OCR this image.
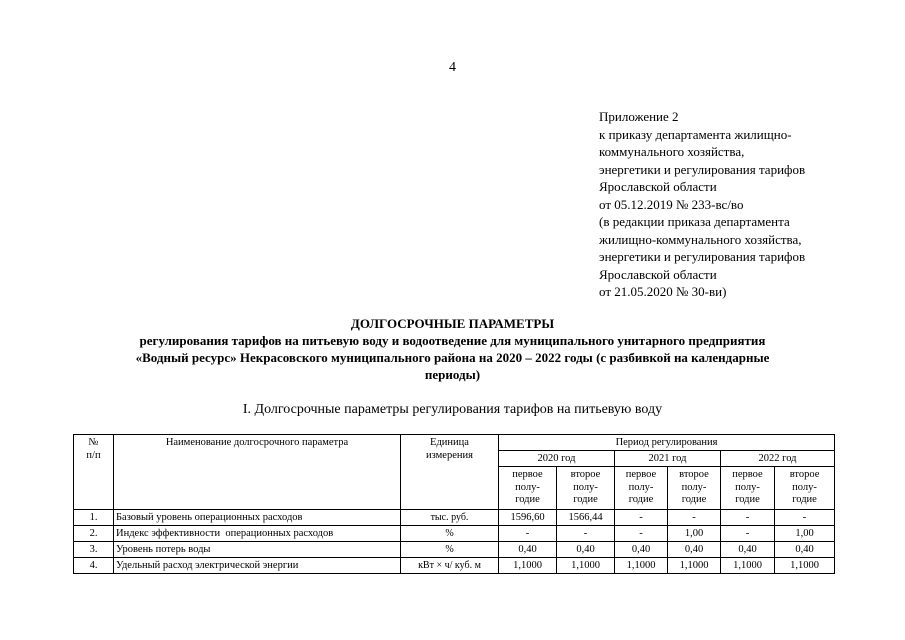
4
Приложение 2
к приказу департамента жилищно-
коммунального хозяйства,
энергетики и регулирования тарифов
Ярославской области
от 05.12.2019 № 233-вс/во
(в редакции приказа департамента
жилищно-коммунального хозяйства,
энергетики и регулирования тарифов
Ярославской области
от 21.05.2020 № 30-ви)
ДОЛГОСРОЧНЫЕ ПАРАМЕТРЫ
регулирования тарифов на питьевую воду и водоотведение для муниципального унитарного предприятия
«Водный ресурс» Некрасовского муниципального района на 2020 – 2022 годы (с разбивкой на календарные
периоды)
I. Долгосрочные параметры регулирования тарифов на питьевую воду
№
п/п	Наименование долгосрочного параметра	Единица
измерения	Период регулирования					
			2020 год		2021 год		2022 год	
			первое
полу-
годие	второе
полу-
годие	первое
полу-
годие	второе
полу-
годие	первое
полу-
годие	второе
полу-
годие
1.	Базовый уровень операционных расходов	тыс. руб.	1596,60	1566,44	-	-	-	-
2.	Индекс эффективности  операционных расходов	%	-	-	-	1,00	-	1,00
3.	Уровень потерь воды	%	0,40	0,40	0,40	0,40	0,40	0,40
4.	Удельный расход электрической энергии	кВт × ч/ куб. м	1,1000	1,1000	1,1000	1,1000	1,1000	1,1000
